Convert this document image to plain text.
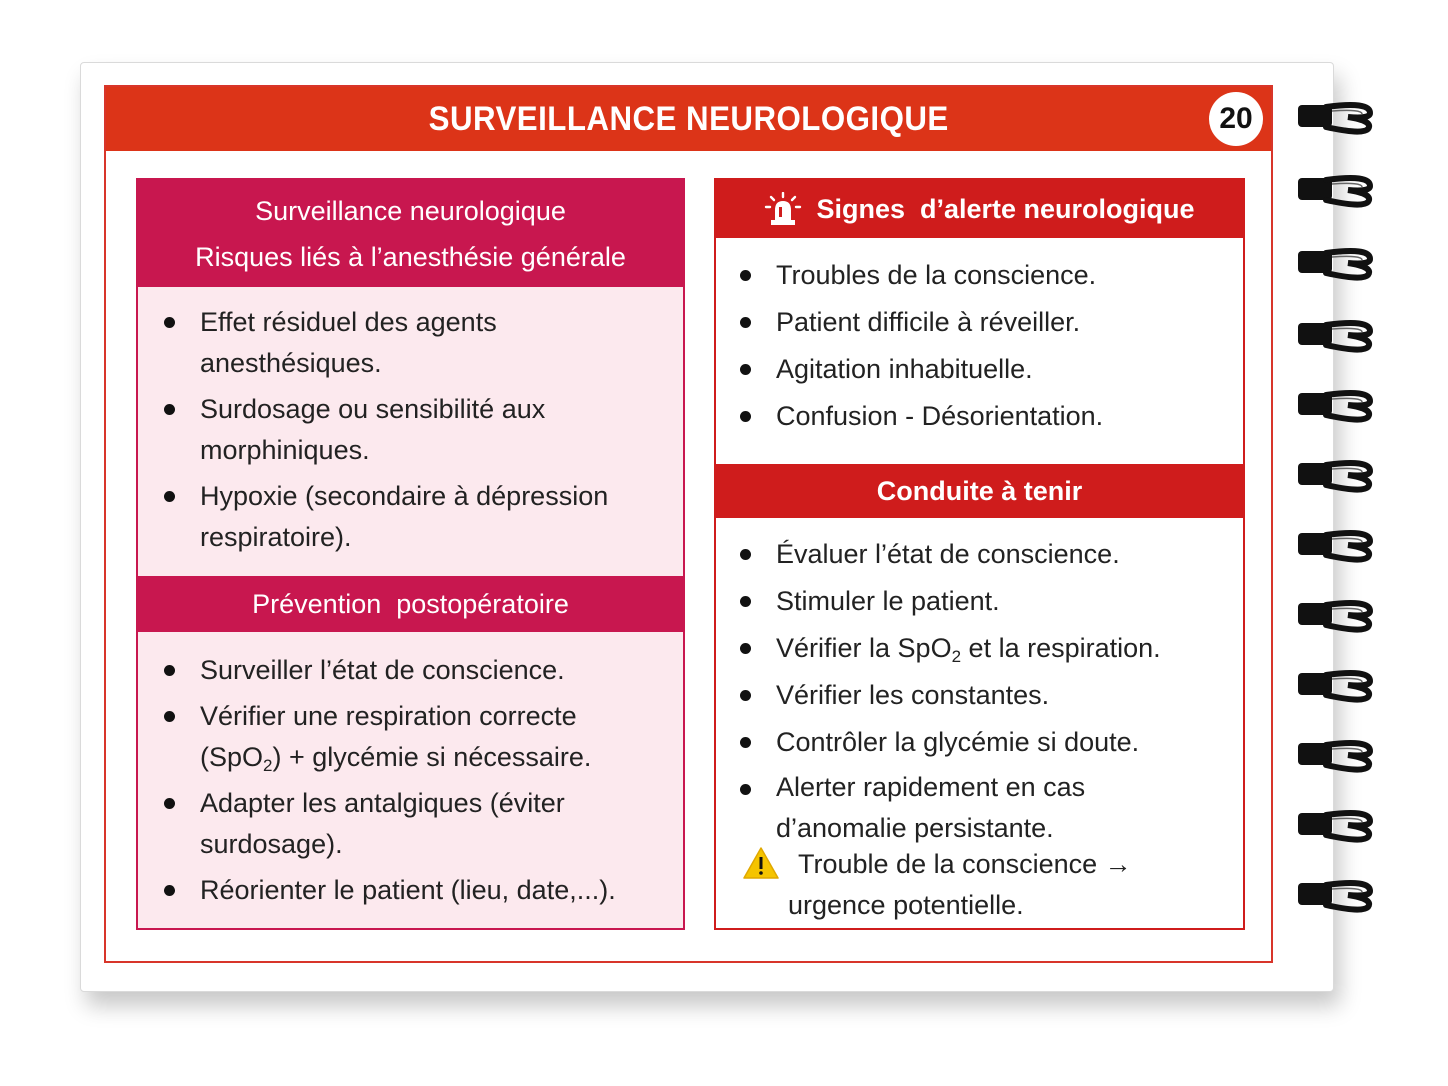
SURVEILLANCE NEUROLOGIQUE	20
Surveillance neurologique
Risques liés à l’anesthésie générale
Effet résiduel des agents anesthésiques.
Surdosage ou sensibilité aux morphiniques.
Hypoxie (secondaire à dépression respiratoire).
Prévention  postopératoire
Surveiller l’état de conscience.
Vérifier une respiration correcte
(SpO$_2$) + glycémie si nécessaire.
Adapter les antalgiques (éviter surdosage).
Réorienter le patient (lieu, date,...).
Signes  d’alerte neurologique
Troubles de la conscience.
Patient difficile à réveiller.
Agitation inhabituelle.
Confusion - Désorientation.
Conduite à tenir
Évaluer l’état de conscience.
Stimuler le patient.
Vérifier la SpO$_2$ et la respiration.
Vérifier les constantes.
Contrôler la glycémie si doute.
Alerter rapidement en cas
d’anomalie persistante.
Trouble de la conscience →
urgence potentielle.
